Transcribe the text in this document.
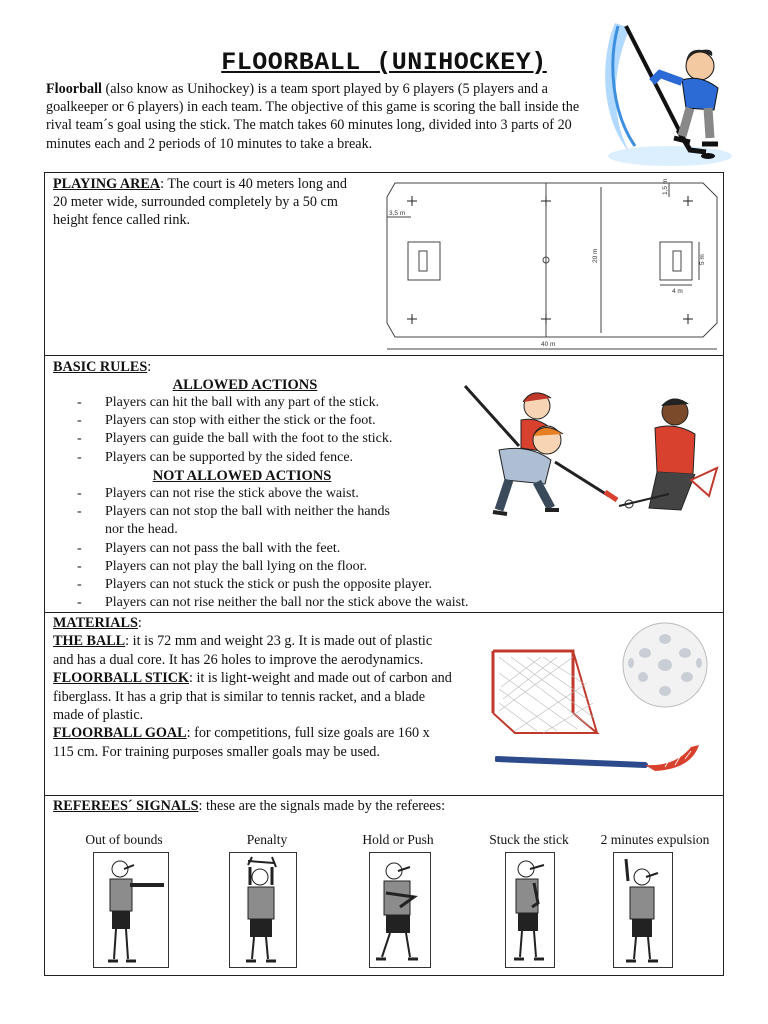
FLOORBALL (UNIHOCKEY)
Floorball (also know as Unihockey) is a team sport played by 6 players (5 players and a goalkeeper or 6 players) in each team. The objective of this game is scoring the ball inside the rival team´s goal using the stick. The match takes 60 minutes long, divided into 3 parts of 20 minutes each and 2 periods of 10 minutes to take a break.
PLAYING AREA: The court is 40 meters long and 20 meter wide, surrounded completely by a 50 cm height fence called rink.
40 m
20 m
3,5 m
1,5 m
4 m
5 m
BASIC RULES:
ALLOWED ACTIONS
- Players can hit the ball with any part of the stick.
- Players can stop with either the stick or the foot.
- Players can guide the ball with the foot to the stick.
- Players can be supported by the sided fence.
NOT ALLOWED ACTIONS
- Players can not rise the stick above the waist.
- Players can not stop the ball with neither the hands nor the head.
- Players can not pass the ball with the feet.
- Players can not play the ball lying on the floor.
- Players can not stuck the stick or push the opposite player.
- Players can not rise neither the ball nor the stick above the waist.
MATERIALS:
THE BALL: it is 72 mm and weight 23 g. It is made out of plastic and has a dual core. It has 26 holes to improve the aerodynamics.
FLOORBALL STICK: it is light-weight and made out of carbon and fiberglass. It has a grip that is similar to tennis racket, and a blade made of plastic.
FLOORBALL GOAL: for competitions, full size goals are 160 x 115 cm. For training purposes smaller goals may be used.
REFEREES´ SIGNALS: these are the signals made by the referees:
Out of bounds	Penalty	Hold or Push	Stuck the stick	2 minutes expulsion
